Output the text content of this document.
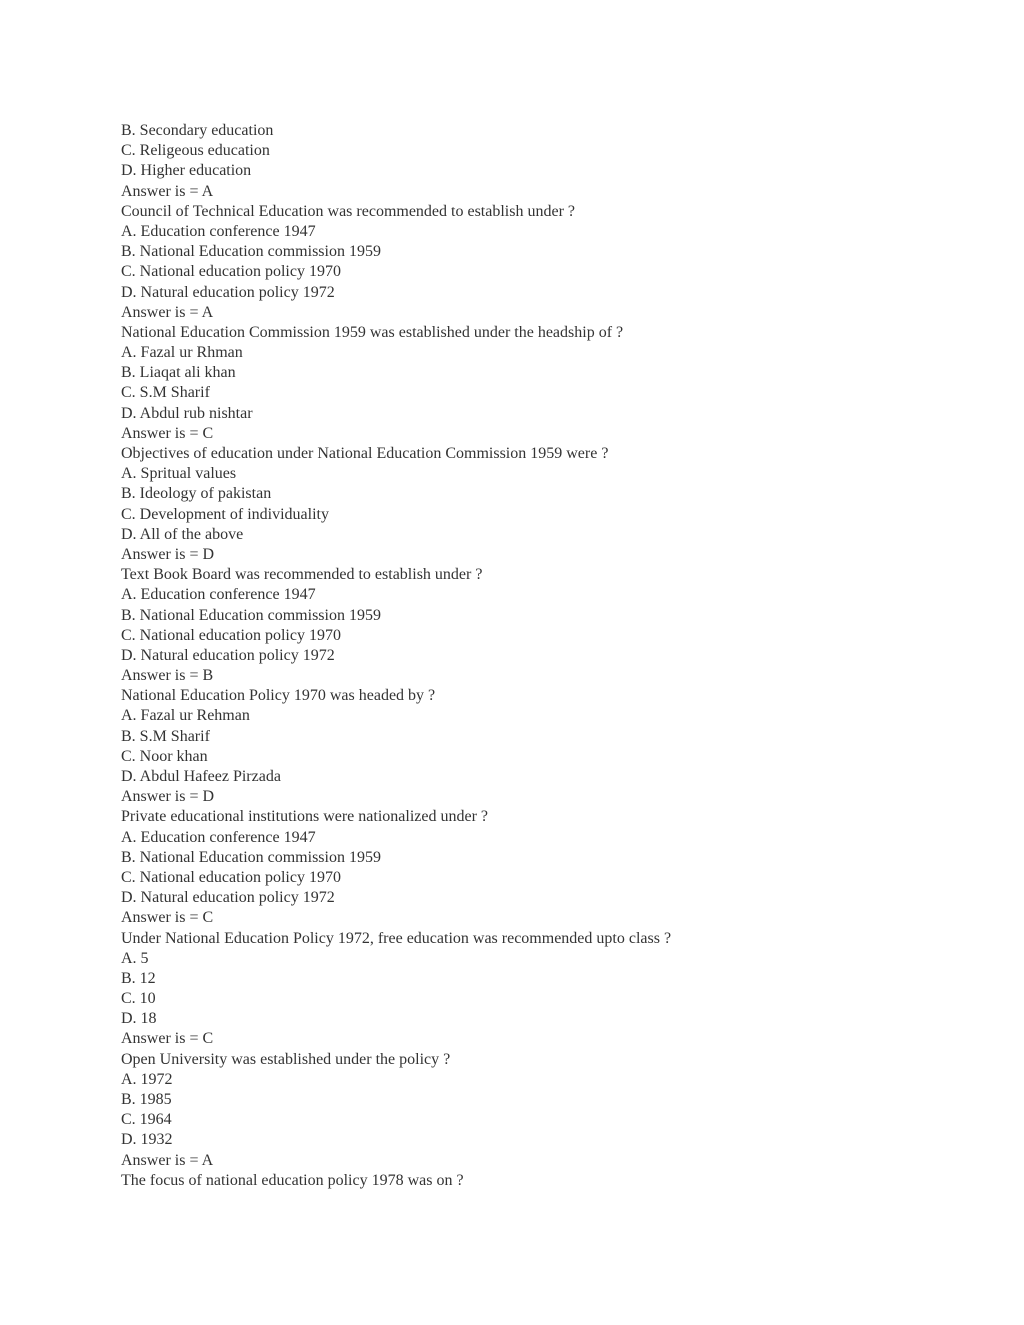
B. Secondary education

C. Religeous education

D. Higher education

Answer is = A

Council of Technical Education was recommended to establish under ?

A. Education conference 1947

B. National Education commission 1959

C. National education policy 1970

D. Natural education policy 1972

Answer is = A

National Education Commission 1959 was established under the headship of ?

A. Fazal ur Rhman

B. Liaqat ali khan

C. S.M Sharif

D. Abdul rub nishtar

Answer is = C

Objectives of education under National Education Commission 1959 were ?

A. Spritual values

B. Ideology of pakistan

C. Development of individuality

D. All of the above

Answer is = D

Text Book Board was recommended to establish under ?

A. Education conference 1947

B. National Education commission 1959

C. National education policy 1970

D. Natural education policy 1972

Answer is = B

National Education Policy 1970 was headed by ?

A. Fazal ur Rehman

B. S.M Sharif

C. Noor khan

D. Abdul Hafeez Pirzada

Answer is = D

Private educational institutions were nationalized under ?

A. Education conference 1947

B. National Education commission 1959

C. National education policy 1970

D. Natural education policy 1972

Answer is = C

Under National Education Policy 1972, free education was recommended upto class ?

A. 5

B. 12

C. 10

D. 18

Answer is = C

Open University was established under the policy ?

A. 1972

B. 1985

C. 1964

D. 1932

Answer is = A

The focus of national education policy 1978 was on ?
